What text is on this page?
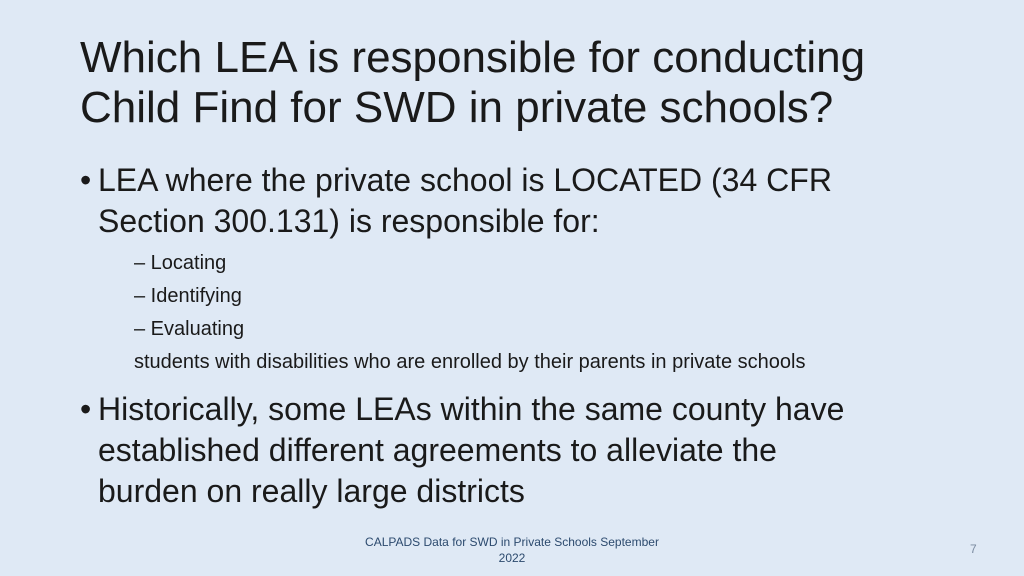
Which LEA is responsible for conducting
Child Find for SWD in private schools?
• LEA where the private school is LOCATED (34 CFR
Section 300.131) is responsible for:
– Locating
– Identifying
– Evaluating
students with disabilities who are enrolled by their parents in private schools
• Historically, some LEAs within the same county have
established different agreements to alleviate the
burden on really large districts
CALPADS Data for SWD in Private Schools September
2022
7
